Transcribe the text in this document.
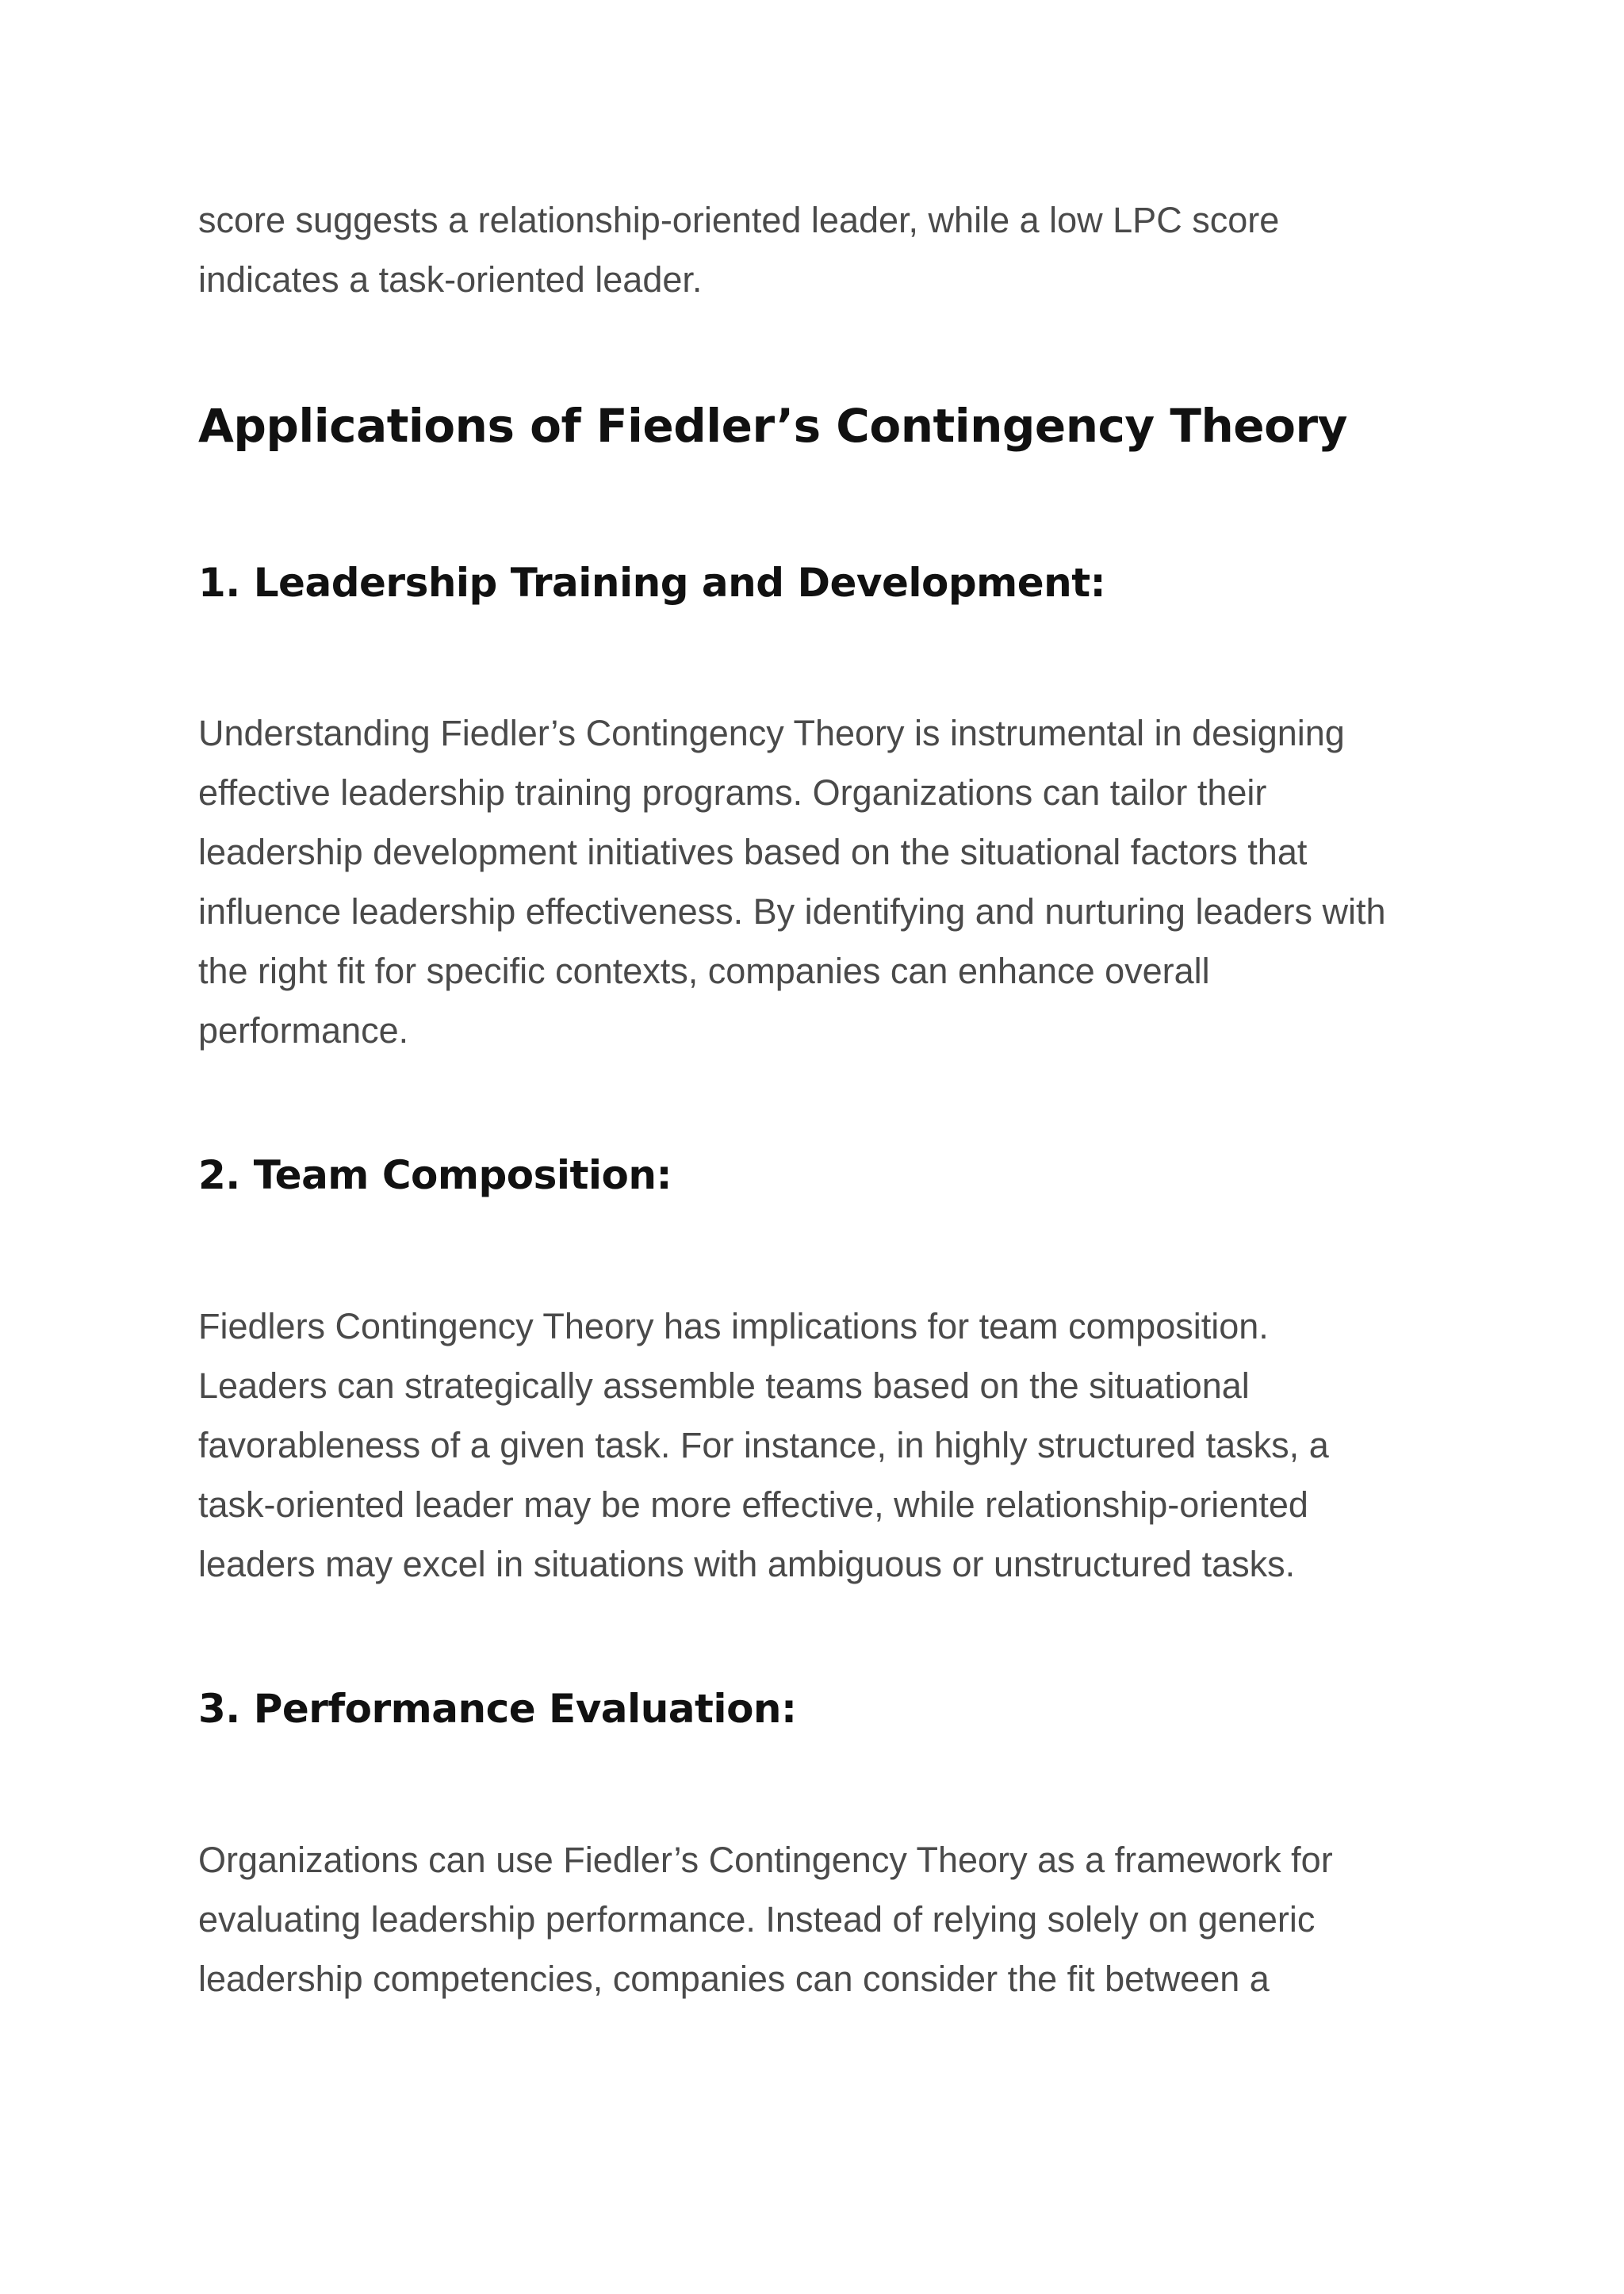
score suggests a relationship-oriented leader, while a low LPC score
indicates a task-oriented leader.

Applications of Fiedler’s Contingency Theory
1. Leadership Training and Development:

Understanding Fiedler’s Contingency Theory is instrumental in designing
effective leadership training programs. Organizations can tailor their
leadership development initiatives based on the situational factors that
influence leadership effectiveness. By identifying and nurturing leaders with
the right fit for specific contexts, companies can enhance overall
performance.

2. Team Composition:

Fiedlers Contingency Theory has implications for team composition.
Leaders can strategically assemble teams based on the situational
favorableness of a given task. For instance, in highly structured tasks, a
task-oriented leader may be more effective, while relationship-oriented
leaders may excel in situations with ambiguous or unstructured tasks.

3. Performance Evaluation:

Organizations can use Fiedler’s Contingency Theory as a framework for
evaluating leadership performance. Instead of relying solely on generic
leadership competencies, companies can consider the fit between a
